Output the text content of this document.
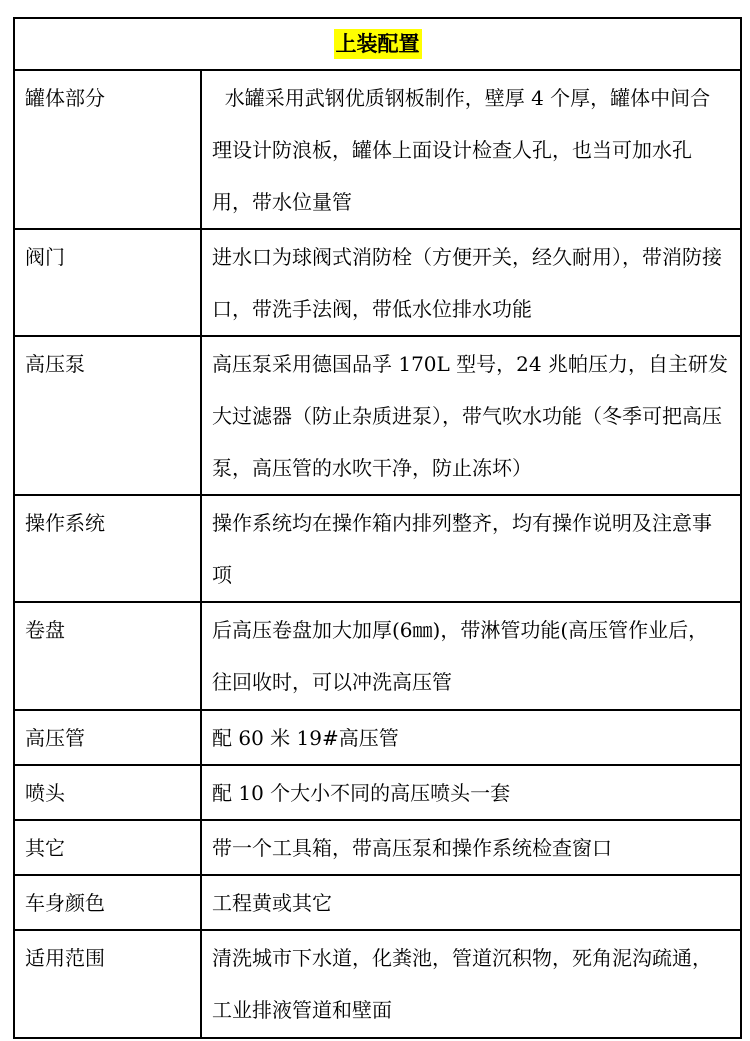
上装配置	
罐体部分	水罐采用武钢优质钢板制作，壁厚 4 个厚，罐体中间合理设计防浪板，罐体上面设计检查人孔，也当可加水孔用，带水位量管

阀门	进水口为球阀式消防栓（方便开关，经久耐用），带消防接口，带洗手法阀，带低水位排水功能

高压泵	高压泵采用德国品孚 170L 型号，24 兆帕压力，自主研发大过滤器（防止杂质进泵），带气吹水功能（冬季可把高压泵，高压管的水吹干净，防止冻坏）

操作系统	操作系统均在操作箱内排列整齐，均有操作说明及注意事项

卷盘	后高压卷盘加大加厚(6㎜)，带淋管功能(高压管作业后，往回收时，可以冲洗高压管

高压管	配 60 米 19#高压管

喷头	配 10 个大小不同的高压喷头一套

其它	带一个工具箱，带高压泵和操作系统检查窗口

车身颜色	工程黄或其它

适用范围	清洗城市下水道，化粪池，管道沉积物，死角泥沟疏通，工业排液管道和壁面
